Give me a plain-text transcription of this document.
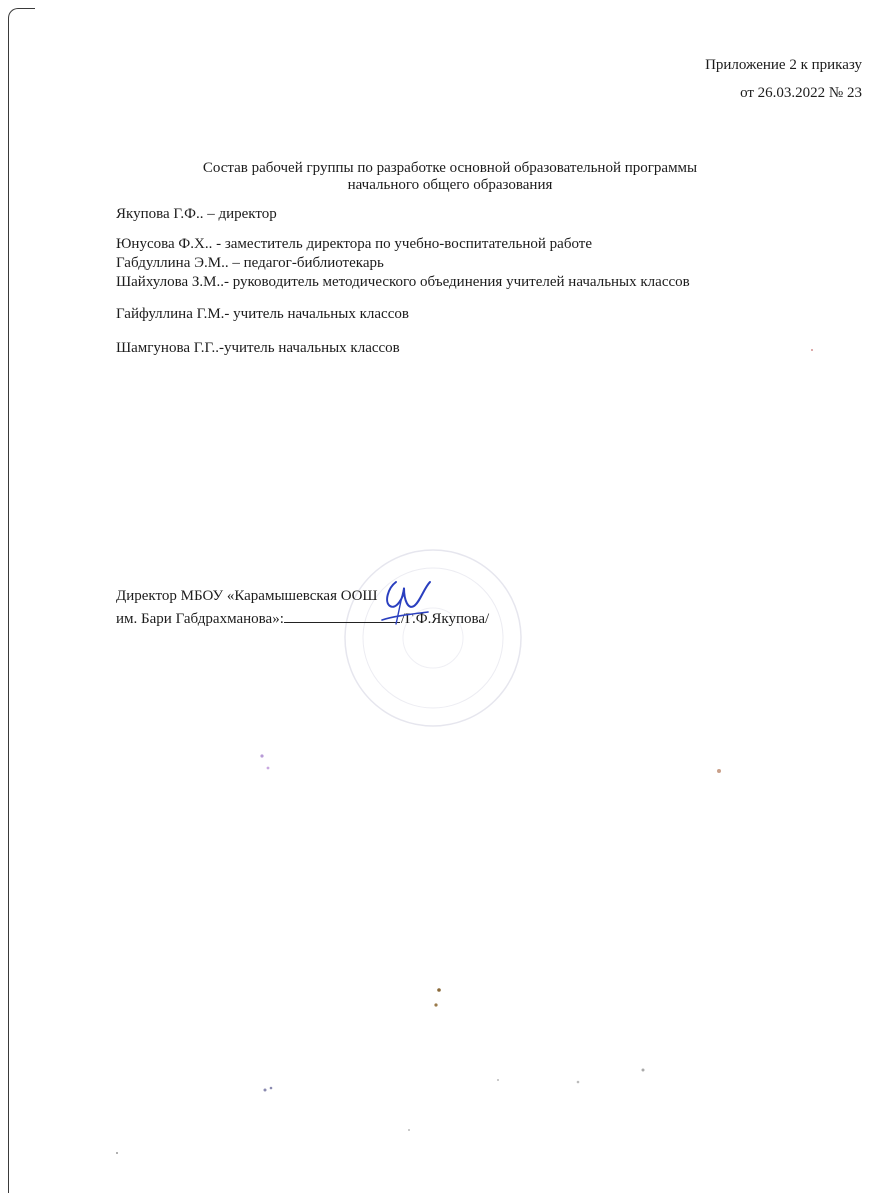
Приложение 2 к приказу
от 26.03.2022 № 23
Состав рабочей группы по разработке основной образовательной программы
начального общего образования
Якупова Г.Ф.. – директор
Юнусова Ф.Х.. - заместитель директора по учебно-воспитательной работе
Габдуллина Э.М.. – педагог-библиотекарь
Шайхулова З.М..- руководитель методического объединения учителей начальных классов
Гайфуллина Г.М.- учитель начальных классов
Шамгунова Г.Г..-учитель начальных классов
Директор МБОУ «Карамышевская ООШ
им. Бари Габдрахманова»:	/Г.Ф.Якупова/
